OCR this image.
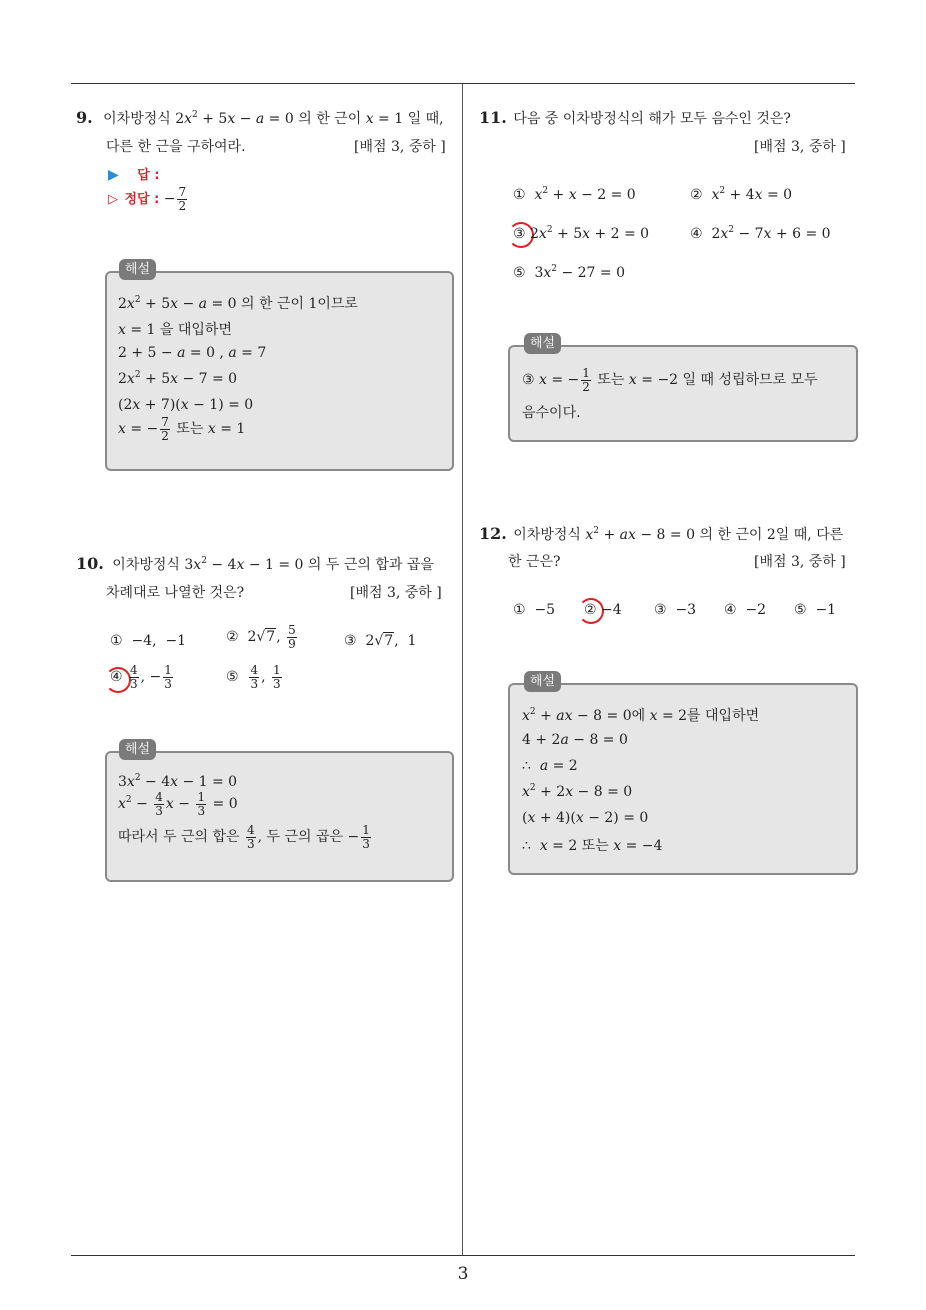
9. 이차방정식 $2x^2 + 5x - a = 0$ 의 한 근이 x = 1 일 때,
다른 한 근을 구하여라.	[배점 3, 중하 ]
▶ 답 :
▷ 정답 : − $\frac{7}{2}$
해설
$2x^2 + 5x - a = 0$ 의 한 근이 1이므로
x = 1 을 대입하면
2 + 5 − a = 0 , a = 7
$2x^2 + 5x - 7 = 0$
(2x + 7)(x − 1) = 0
x = − $\frac{7}{2}$ 또는 x = 1
10. 이차방정식 $3x^2 - 4x - 1 = 0$ 의 두 근의 합과 곱을
차례대로 나열한 것은?	[배점 3, 중하 ]
①  −4,  −1	②  2√7, $\frac{5}{9}$	③  2√7,  1
④ $\frac{4}{3}$ , − $\frac{1}{3}$	⑤ $\frac{4}{3}$ , $\frac{1}{3}$
해설
$3x^2 - 4x - 1 = 0$
$x^2 - \frac{4}{3}$ $x - \frac{1}{3} = 0$
따라서 두 근의 합은 $\frac{4}{3}$ , 두 근의 곱은 − $\frac{1}{3}$
11. 다음 중 이차방정식의 해가 모두 음수인 것은?
[배점 3, 중하 ]
①  $x^2 + x - 2 = 0$	②  $x^2 + 4x = 0$
③ $2x^2 + 5x + 2 = 0$	④  $2x^2 - 7x + 6 = 0$
⑤  $3x^2 - 27 = 0$
해설
③ x = − $\frac{1}{2}$ 또는 x = −2 일 때 성립하므로 모두
음수이다.
12. 이차방정식 $x^2$ + ax − 8 = 0 의 한 근이 2일 때, 다른
한 근은?	[배점 3, 중하 ]
①  −5 ② −4 ③  −3 ④  −2 ⑤  −1
해설
$x^2$ + ax − 8 = 0에 x = 2를 대입하면
4 + 2a − 8 = 0
∴  a = 2
$x^2 + 2x - 8 = 0$
(x + 4)(x − 2) = 0
∴  x = 2 또는 x = −4
3
